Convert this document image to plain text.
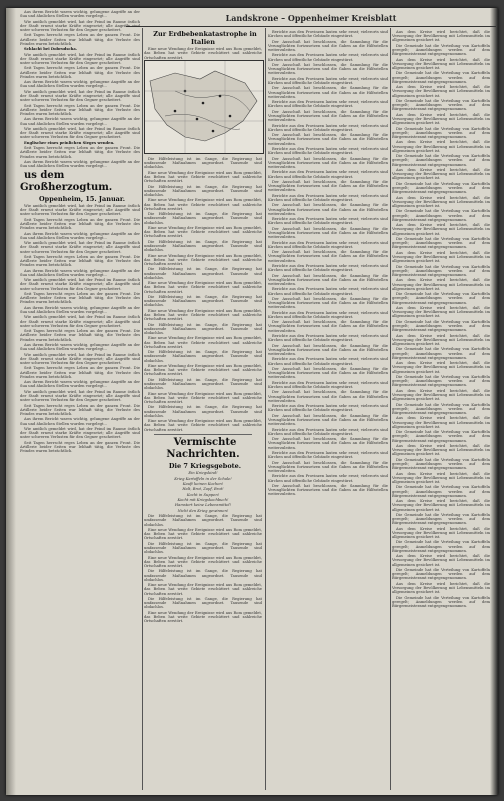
Landskrone – Oppenheimer Kreisblatt

Aus ihrem Bericht waren wichtig, gelungene Angriffe an der Sua und ähnlichen Stellen wurden vorgelegt...

Wie amtlich gemeldet wird, hat der Feind im Raume östlich der Stadt erneut starke Kräfte eingesetzt; alle Angriffe sind unter schweren Verlusten für den Gegner gescheitert.

Seit Tagen herrscht reges Leben an der ganzen Front. Die Artillerie beider Seiten war lebhaft tätig, die Verluste des Feindes waren beträchtlich.

Schlacht bei Dobrudscha.

Wie amtlich gemeldet wird, hat der Feind im Raume östlich der Stadt erneut starke Kräfte eingesetzt; alle Angriffe sind unter schweren Verlusten für den Gegner gescheitert.

Seit Tagen herrscht reges Leben an der ganzen Front. Die Artillerie beider Seiten war lebhaft tätig, die Verluste des Feindes waren beträchtlich.

Aus ihrem Bericht waren wichtig, gelungene Angriffe an der Sua und ähnlichen Stellen wurden vorgelegt...

Wie amtlich gemeldet wird, hat der Feind im Raume östlich der Stadt erneut starke Kräfte eingesetzt; alle Angriffe sind unter schweren Verlusten für den Gegner gescheitert.

Seit Tagen herrscht reges Leben an der ganzen Front. Die Artillerie beider Seiten war lebhaft tätig, die Verluste des Feindes waren beträchtlich.

Aus ihrem Bericht waren wichtig, gelungene Angriffe an der Sua und ähnlichen Stellen wurden vorgelegt...

Wie amtlich gemeldet wird, hat der Feind im Raume östlich der Stadt erneut starke Kräfte eingesetzt; alle Angriffe sind unter schweren Verlusten für den Gegner gescheitert.

Englischer eines peinlichen Sieges wenden.

Seit Tagen herrscht reges Leben an der ganzen Front. Die Artillerie beider Seiten war lebhaft tätig, die Verluste des Feindes waren beträchtlich.

Aus ihrem Bericht waren wichtig, gelungene Angriffe an der Sua und ähnlichen Stellen wurden vorgelegt...

us dem Großherzogtum.

Oppenheim, 15. Januar.

Wie amtlich gemeldet wird, hat der Feind im Raume östlich der Stadt erneut starke Kräfte eingesetzt; alle Angriffe sind unter schweren Verlusten für den Gegner gescheitert.

Seit Tagen herrscht reges Leben an der ganzen Front. Die Artillerie beider Seiten war lebhaft tätig, die Verluste des Feindes waren beträchtlich.

Aus ihrem Bericht waren wichtig, gelungene Angriffe an der Sua und ähnlichen Stellen wurden vorgelegt...

Wie amtlich gemeldet wird, hat der Feind im Raume östlich der Stadt erneut starke Kräfte eingesetzt; alle Angriffe sind unter schweren Verlusten für den Gegner gescheitert.

Seit Tagen herrscht reges Leben an der ganzen Front. Die Artillerie beider Seiten war lebhaft tätig, die Verluste des Feindes waren beträchtlich.

Aus ihrem Bericht waren wichtig, gelungene Angriffe an der Sua und ähnlichen Stellen wurden vorgelegt...

Wie amtlich gemeldet wird, hat der Feind im Raume östlich der Stadt erneut starke Kräfte eingesetzt; alle Angriffe sind unter schweren Verlusten für den Gegner gescheitert.

Seit Tagen herrscht reges Leben an der ganzen Front. Die Artillerie beider Seiten war lebhaft tätig, die Verluste des Feindes waren beträchtlich.

Aus ihrem Bericht waren wichtig, gelungene Angriffe an der Sua und ähnlichen Stellen wurden vorgelegt...

Wie amtlich gemeldet wird, hat der Feind im Raume östlich der Stadt erneut starke Kräfte eingesetzt; alle Angriffe sind unter schweren Verlusten für den Gegner gescheitert.

Seit Tagen herrscht reges Leben an der ganzen Front. Die Artillerie beider Seiten war lebhaft tätig, die Verluste des Feindes waren beträchtlich.

Aus ihrem Bericht waren wichtig, gelungene Angriffe an der Sua und ähnlichen Stellen wurden vorgelegt...

Wie amtlich gemeldet wird, hat der Feind im Raume östlich der Stadt erneut starke Kräfte eingesetzt; alle Angriffe sind unter schweren Verlusten für den Gegner gescheitert.

Seit Tagen herrscht reges Leben an der ganzen Front. Die Artillerie beider Seiten war lebhaft tätig, die Verluste des Feindes waren beträchtlich.

Aus ihrem Bericht waren wichtig, gelungene Angriffe an der Sua und ähnlichen Stellen wurden vorgelegt...

Wie amtlich gemeldet wird, hat der Feind im Raume östlich der Stadt erneut starke Kräfte eingesetzt; alle Angriffe sind unter schweren Verlusten für den Gegner gescheitert.

Seit Tagen herrscht reges Leben an der ganzen Front. Die Artillerie beider Seiten war lebhaft tätig, die Verluste des Feindes waren beträchtlich.

Aus ihrem Bericht waren wichtig, gelungene Angriffe an der Sua und ähnlichen Stellen wurden vorgelegt...

Wie amtlich gemeldet wird, hat der Feind im Raume östlich der Stadt erneut starke Kräfte eingesetzt; alle Angriffe sind unter schweren Verlusten für den Gegner gescheitert.

Seit Tagen herrscht reges Leben an der ganzen Front. Die Artillerie beider Seiten war lebhaft tätig, die Verluste des Feindes waren beträchtlich.

Zur Erdbebenkatastrophe in Italien

Eine neue Wendung der Ereignisse wird aus Rom gemeldet, das Beben hat weite Gebiete erschüttert und zahlreiche Ortschaften zerstört.

Die Hilfeleistung ist im Gange, die Regierung hat umfassende Maßnahmen angeordnet. Tausende sind obdachlos.

Eine neue Wendung der Ereignisse wird aus Rom gemeldet, das Beben hat weite Gebiete erschüttert und zahlreiche Ortschaften zerstört.

Die Hilfeleistung ist im Gange, die Regierung hat umfassende Maßnahmen angeordnet. Tausende sind obdachlos.

Eine neue Wendung der Ereignisse wird aus Rom gemeldet, das Beben hat weite Gebiete erschüttert und zahlreiche Ortschaften zerstört.

Die Hilfeleistung ist im Gange, die Regierung hat umfassende Maßnahmen angeordnet. Tausende sind obdachlos.

Eine neue Wendung der Ereignisse wird aus Rom gemeldet, das Beben hat weite Gebiete erschüttert und zahlreiche Ortschaften zerstört.

Die Hilfeleistung ist im Gange, die Regierung hat umfassende Maßnahmen angeordnet. Tausende sind obdachlos.

Eine neue Wendung der Ereignisse wird aus Rom gemeldet, das Beben hat weite Gebiete erschüttert und zahlreiche Ortschaften zerstört.

Die Hilfeleistung ist im Gange, die Regierung hat umfassende Maßnahmen angeordnet. Tausende sind obdachlos.

Eine neue Wendung der Ereignisse wird aus Rom gemeldet, das Beben hat weite Gebiete erschüttert und zahlreiche Ortschaften zerstört.

Die Hilfeleistung ist im Gange, die Regierung hat umfassende Maßnahmen angeordnet. Tausende sind obdachlos.

Eine neue Wendung der Ereignisse wird aus Rom gemeldet, das Beben hat weite Gebiete erschüttert und zahlreiche Ortschaften zerstört.

Die Hilfeleistung ist im Gange, die Regierung hat umfassende Maßnahmen angeordnet. Tausende sind obdachlos.

Eine neue Wendung der Ereignisse wird aus Rom gemeldet, das Beben hat weite Gebiete erschüttert und zahlreiche Ortschaften zerstört.

Die Hilfeleistung ist im Gange, die Regierung hat umfassende Maßnahmen angeordnet. Tausende sind obdachlos.

Eine neue Wendung der Ereignisse wird aus Rom gemeldet, das Beben hat weite Gebiete erschüttert und zahlreiche Ortschaften zerstört.

Die Hilfeleistung ist im Gange, die Regierung hat umfassende Maßnahmen angeordnet. Tausende sind obdachlos.

Eine neue Wendung der Ereignisse wird aus Rom gemeldet, das Beben hat weite Gebiete erschüttert und zahlreiche Ortschaften zerstört.

Die Hilfeleistung ist im Gange, die Regierung hat umfassende Maßnahmen angeordnet. Tausende sind obdachlos.

Eine neue Wendung der Ereignisse wird aus Rom gemeldet, das Beben hat weite Gebiete erschüttert und zahlreiche Ortschaften zerstört.

Vermischte Nachrichten.

Die 7 Kriegsgebote.

Ein Kriegskind!

Krieg Kartoffeln in der Schale!

Kauft keinen Kuchen!

Halt, Brot, Zopf, Brot!

Kocht in Suppen!

Kocht mit Kriegskochbuch!

Hamstert keine Lebensmittel!

Nicht den Krieg gewinnen!

Die Hilfeleistung ist im Gange, die Regierung hat umfassende Maßnahmen angeordnet. Tausende sind obdachlos.

Eine neue Wendung der Ereignisse wird aus Rom gemeldet, das Beben hat weite Gebiete erschüttert und zahlreiche Ortschaften zerstört.

Die Hilfeleistung ist im Gange, die Regierung hat umfassende Maßnahmen angeordnet. Tausende sind obdachlos.

Eine neue Wendung der Ereignisse wird aus Rom gemeldet, das Beben hat weite Gebiete erschüttert und zahlreiche Ortschaften zerstört.

Die Hilfeleistung ist im Gange, die Regierung hat umfassende Maßnahmen angeordnet. Tausende sind obdachlos.

Eine neue Wendung der Ereignisse wird aus Rom gemeldet, das Beben hat weite Gebiete erschüttert und zahlreiche Ortschaften zerstört.

Die Hilfeleistung ist im Gange, die Regierung hat umfassende Maßnahmen angeordnet. Tausende sind obdachlos.

Eine neue Wendung der Ereignisse wird aus Rom gemeldet, das Beben hat weite Gebiete erschüttert und zahlreiche Ortschaften zerstört.

Berichte aus den Provinzen lauten sehr ernst; vielerorts sind Kirchen und öffentliche Gebäude eingestürzt.

Der Ausschuß hat beschlossen, die Sammlung für die Verunglückten fortzusetzen und die Gaben an die Hilfsstellen weiterzuleiten.

Berichte aus den Provinzen lauten sehr ernst; vielerorts sind Kirchen und öffentliche Gebäude eingestürzt.

Der Ausschuß hat beschlossen, die Sammlung für die Verunglückten fortzusetzen und die Gaben an die Hilfsstellen weiterzuleiten.

Berichte aus den Provinzen lauten sehr ernst; vielerorts sind Kirchen und öffentliche Gebäude eingestürzt.

Der Ausschuß hat beschlossen, die Sammlung für die Verunglückten fortzusetzen und die Gaben an die Hilfsstellen weiterzuleiten.

Berichte aus den Provinzen lauten sehr ernst; vielerorts sind Kirchen und öffentliche Gebäude eingestürzt.

Der Ausschuß hat beschlossen, die Sammlung für die Verunglückten fortzusetzen und die Gaben an die Hilfsstellen weiterzuleiten.

Berichte aus den Provinzen lauten sehr ernst; vielerorts sind Kirchen und öffentliche Gebäude eingestürzt.

Der Ausschuß hat beschlossen, die Sammlung für die Verunglückten fortzusetzen und die Gaben an die Hilfsstellen weiterzuleiten.

Berichte aus den Provinzen lauten sehr ernst; vielerorts sind Kirchen und öffentliche Gebäude eingestürzt.

Der Ausschuß hat beschlossen, die Sammlung für die Verunglückten fortzusetzen und die Gaben an die Hilfsstellen weiterzuleiten.

Berichte aus den Provinzen lauten sehr ernst; vielerorts sind Kirchen und öffentliche Gebäude eingestürzt.

Der Ausschuß hat beschlossen, die Sammlung für die Verunglückten fortzusetzen und die Gaben an die Hilfsstellen weiterzuleiten.

Berichte aus den Provinzen lauten sehr ernst; vielerorts sind Kirchen und öffentliche Gebäude eingestürzt.

Der Ausschuß hat beschlossen, die Sammlung für die Verunglückten fortzusetzen und die Gaben an die Hilfsstellen weiterzuleiten.

Berichte aus den Provinzen lauten sehr ernst; vielerorts sind Kirchen und öffentliche Gebäude eingestürzt.

Der Ausschuß hat beschlossen, die Sammlung für die Verunglückten fortzusetzen und die Gaben an die Hilfsstellen weiterzuleiten.

Berichte aus den Provinzen lauten sehr ernst; vielerorts sind Kirchen und öffentliche Gebäude eingestürzt.

Der Ausschuß hat beschlossen, die Sammlung für die Verunglückten fortzusetzen und die Gaben an die Hilfsstellen weiterzuleiten.

Berichte aus den Provinzen lauten sehr ernst; vielerorts sind Kirchen und öffentliche Gebäude eingestürzt.

Der Ausschuß hat beschlossen, die Sammlung für die Verunglückten fortzusetzen und die Gaben an die Hilfsstellen weiterzuleiten.

Berichte aus den Provinzen lauten sehr ernst; vielerorts sind Kirchen und öffentliche Gebäude eingestürzt.

Der Ausschuß hat beschlossen, die Sammlung für die Verunglückten fortzusetzen und die Gaben an die Hilfsstellen weiterzuleiten.

Berichte aus den Provinzen lauten sehr ernst; vielerorts sind Kirchen und öffentliche Gebäude eingestürzt.

Der Ausschuß hat beschlossen, die Sammlung für die Verunglückten fortzusetzen und die Gaben an die Hilfsstellen weiterzuleiten.

Berichte aus den Provinzen lauten sehr ernst; vielerorts sind Kirchen und öffentliche Gebäude eingestürzt.

Der Ausschuß hat beschlossen, die Sammlung für die Verunglückten fortzusetzen und die Gaben an die Hilfsstellen weiterzuleiten.

Berichte aus den Provinzen lauten sehr ernst; vielerorts sind Kirchen und öffentliche Gebäude eingestürzt.

Der Ausschuß hat beschlossen, die Sammlung für die Verunglückten fortzusetzen und die Gaben an die Hilfsstellen weiterzuleiten.

Berichte aus den Provinzen lauten sehr ernst; vielerorts sind Kirchen und öffentliche Gebäude eingestürzt.

Der Ausschuß hat beschlossen, die Sammlung für die Verunglückten fortzusetzen und die Gaben an die Hilfsstellen weiterzuleiten.

Berichte aus den Provinzen lauten sehr ernst; vielerorts sind Kirchen und öffentliche Gebäude eingestürzt.

Der Ausschuß hat beschlossen, die Sammlung für die Verunglückten fortzusetzen und die Gaben an die Hilfsstellen weiterzuleiten.

Berichte aus den Provinzen lauten sehr ernst; vielerorts sind Kirchen und öffentliche Gebäude eingestürzt.

Der Ausschuß hat beschlossen, die Sammlung für die Verunglückten fortzusetzen und die Gaben an die Hilfsstellen weiterzuleiten.

Berichte aus den Provinzen lauten sehr ernst; vielerorts sind Kirchen und öffentliche Gebäude eingestürzt.

Der Ausschuß hat beschlossen, die Sammlung für die Verunglückten fortzusetzen und die Gaben an die Hilfsstellen weiterzuleiten.

Berichte aus den Provinzen lauten sehr ernst; vielerorts sind Kirchen und öffentliche Gebäude eingestürzt.

Der Ausschuß hat beschlossen, die Sammlung für die Verunglückten fortzusetzen und die Gaben an die Hilfsstellen weiterzuleiten.

Aus dem Kreise wird berichtet, daß die Versorgung der Bevölkerung mit Lebensmitteln im allgemeinen gesichert ist.

Die Gemeinde hat die Verteilung von Kartoffeln geregelt; Anmeldungen werden auf dem Bürgermeisteramt entgegengenommen.

Aus dem Kreise wird berichtet, daß die Versorgung der Bevölkerung mit Lebensmitteln im allgemeinen gesichert ist.

Die Gemeinde hat die Verteilung von Kartoffeln geregelt; Anmeldungen werden auf dem Bürgermeisteramt entgegengenommen.

Aus dem Kreise wird berichtet, daß die Versorgung der Bevölkerung mit Lebensmitteln im allgemeinen gesichert ist.

Die Gemeinde hat die Verteilung von Kartoffeln geregelt; Anmeldungen werden auf dem Bürgermeisteramt entgegengenommen.

Aus dem Kreise wird berichtet, daß die Versorgung der Bevölkerung mit Lebensmitteln im allgemeinen gesichert ist.

Die Gemeinde hat die Verteilung von Kartoffeln geregelt; Anmeldungen werden auf dem Bürgermeisteramt entgegengenommen.

Aus dem Kreise wird berichtet, daß die Versorgung der Bevölkerung mit Lebensmitteln im allgemeinen gesichert ist.

Die Gemeinde hat die Verteilung von Kartoffeln geregelt; Anmeldungen werden auf dem Bürgermeisteramt entgegengenommen.

Aus dem Kreise wird berichtet, daß die Versorgung der Bevölkerung mit Lebensmitteln im allgemeinen gesichert ist.

Die Gemeinde hat die Verteilung von Kartoffeln geregelt; Anmeldungen werden auf dem Bürgermeisteramt entgegengenommen.

Aus dem Kreise wird berichtet, daß die Versorgung der Bevölkerung mit Lebensmitteln im allgemeinen gesichert ist.

Die Gemeinde hat die Verteilung von Kartoffeln geregelt; Anmeldungen werden auf dem Bürgermeisteramt entgegengenommen.

Aus dem Kreise wird berichtet, daß die Versorgung der Bevölkerung mit Lebensmitteln im allgemeinen gesichert ist.

Die Gemeinde hat die Verteilung von Kartoffeln geregelt; Anmeldungen werden auf dem Bürgermeisteramt entgegengenommen.

Aus dem Kreise wird berichtet, daß die Versorgung der Bevölkerung mit Lebensmitteln im allgemeinen gesichert ist.

Die Gemeinde hat die Verteilung von Kartoffeln geregelt; Anmeldungen werden auf dem Bürgermeisteramt entgegengenommen.

Aus dem Kreise wird berichtet, daß die Versorgung der Bevölkerung mit Lebensmitteln im allgemeinen gesichert ist.

Die Gemeinde hat die Verteilung von Kartoffeln geregelt; Anmeldungen werden auf dem Bürgermeisteramt entgegengenommen.

Aus dem Kreise wird berichtet, daß die Versorgung der Bevölkerung mit Lebensmitteln im allgemeinen gesichert ist.

Die Gemeinde hat die Verteilung von Kartoffeln geregelt; Anmeldungen werden auf dem Bürgermeisteramt entgegengenommen.

Aus dem Kreise wird berichtet, daß die Versorgung der Bevölkerung mit Lebensmitteln im allgemeinen gesichert ist.

Die Gemeinde hat die Verteilung von Kartoffeln geregelt; Anmeldungen werden auf dem Bürgermeisteramt entgegengenommen.

Aus dem Kreise wird berichtet, daß die Versorgung der Bevölkerung mit Lebensmitteln im allgemeinen gesichert ist.

Die Gemeinde hat die Verteilung von Kartoffeln geregelt; Anmeldungen werden auf dem Bürgermeisteramt entgegengenommen.

Aus dem Kreise wird berichtet, daß die Versorgung der Bevölkerung mit Lebensmitteln im allgemeinen gesichert ist.

Die Gemeinde hat die Verteilung von Kartoffeln geregelt; Anmeldungen werden auf dem Bürgermeisteramt entgegengenommen.

Aus dem Kreise wird berichtet, daß die Versorgung der Bevölkerung mit Lebensmitteln im allgemeinen gesichert ist.

Die Gemeinde hat die Verteilung von Kartoffeln geregelt; Anmeldungen werden auf dem Bürgermeisteramt entgegengenommen.

Aus dem Kreise wird berichtet, daß die Versorgung der Bevölkerung mit Lebensmitteln im allgemeinen gesichert ist.

Die Gemeinde hat die Verteilung von Kartoffeln geregelt; Anmeldungen werden auf dem Bürgermeisteramt entgegengenommen.

Aus dem Kreise wird berichtet, daß die Versorgung der Bevölkerung mit Lebensmitteln im allgemeinen gesichert ist.

Die Gemeinde hat die Verteilung von Kartoffeln geregelt; Anmeldungen werden auf dem Bürgermeisteramt entgegengenommen.

Aus dem Kreise wird berichtet, daß die Versorgung der Bevölkerung mit Lebensmitteln im allgemeinen gesichert ist.

Die Gemeinde hat die Verteilung von Kartoffeln geregelt; Anmeldungen werden auf dem Bürgermeisteramt entgegengenommen.

Aus dem Kreise wird berichtet, daß die Versorgung der Bevölkerung mit Lebensmitteln im allgemeinen gesichert ist.

Die Gemeinde hat die Verteilung von Kartoffeln geregelt; Anmeldungen werden auf dem Bürgermeisteramt entgegengenommen.

Aus dem Kreise wird berichtet, daß die Versorgung der Bevölkerung mit Lebensmitteln im allgemeinen gesichert ist.

Die Gemeinde hat die Verteilung von Kartoffeln geregelt; Anmeldungen werden auf dem Bürgermeisteramt entgegengenommen.

Aus dem Kreise wird berichtet, daß die Versorgung der Bevölkerung mit Lebensmitteln im allgemeinen gesichert ist.

Die Gemeinde hat die Verteilung von Kartoffeln geregelt; Anmeldungen werden auf dem Bürgermeisteramt entgegengenommen.
